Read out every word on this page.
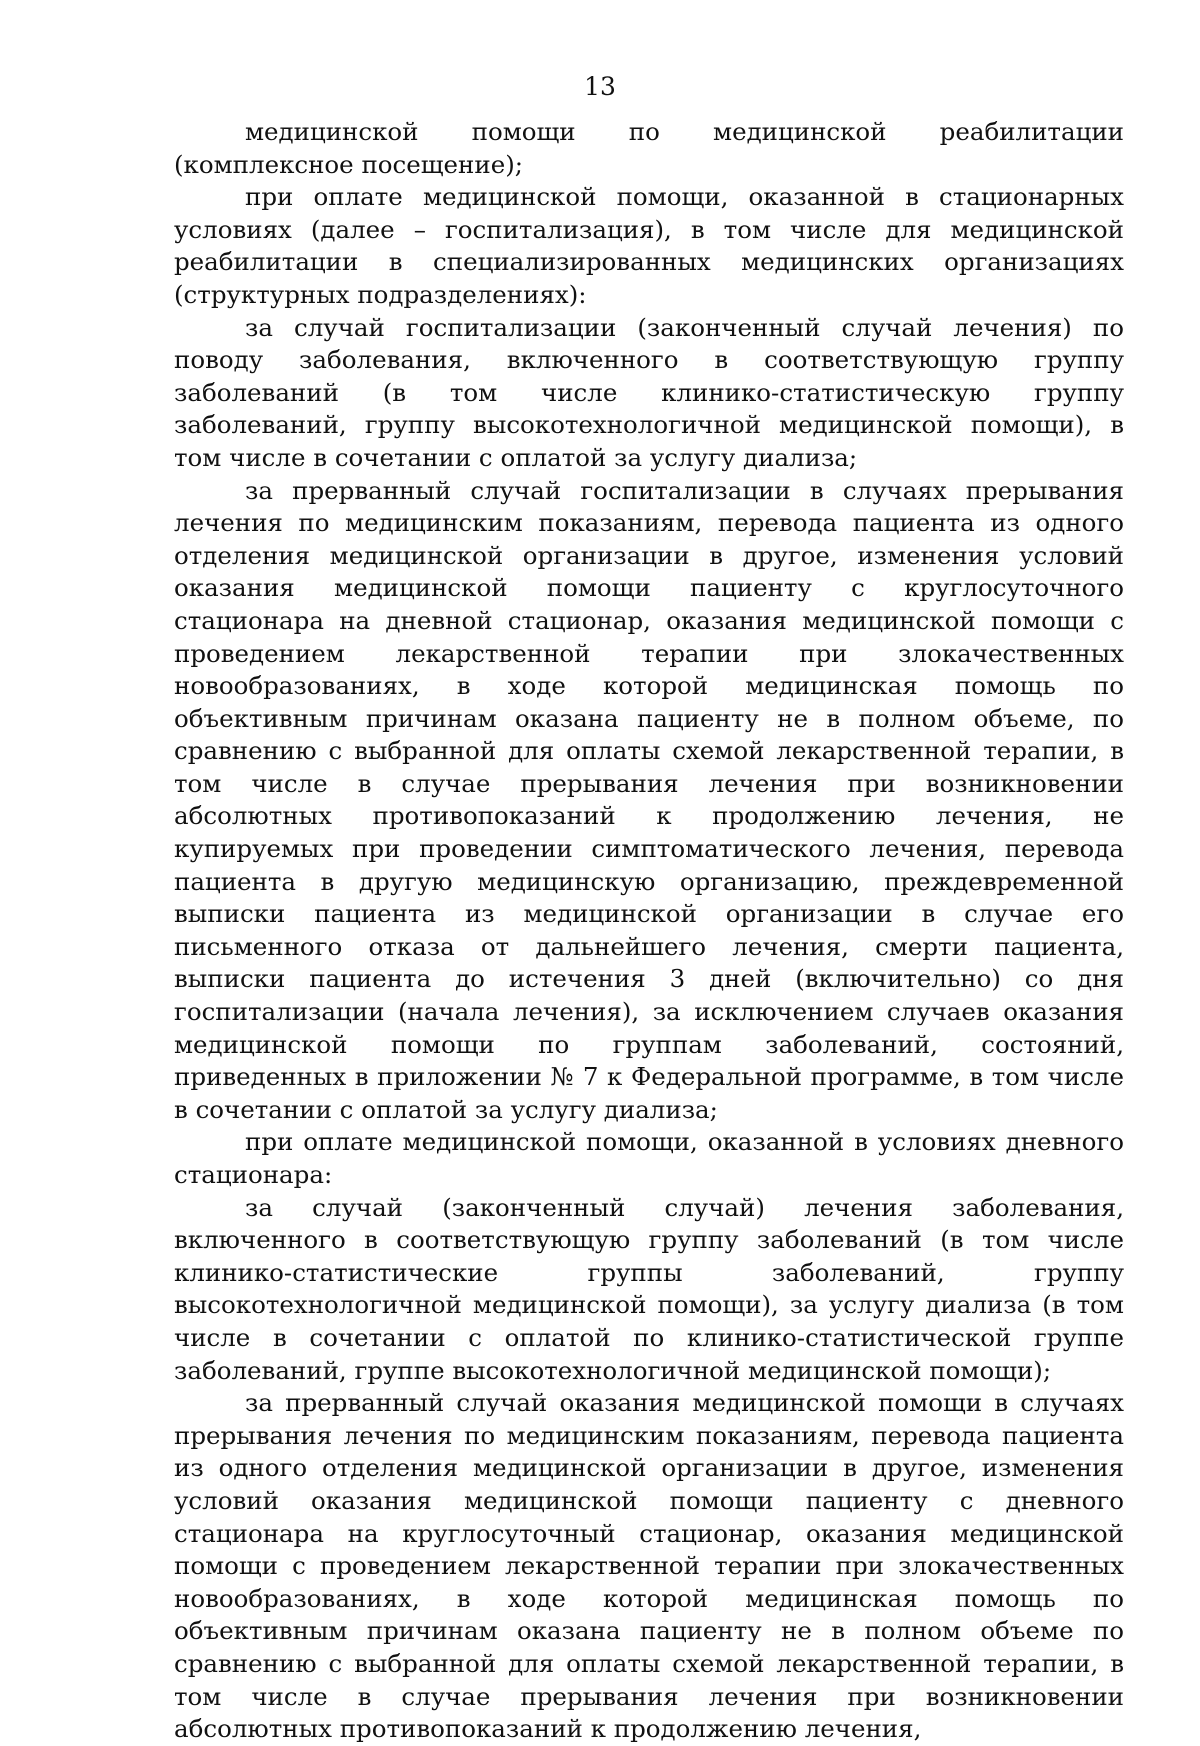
13

медицинской помощи по медицинской реабилитации (комплексное посещение);

при оплате медицинской помощи, оказанной в стационарных условиях (далее – госпитализация), в том числе для медицинской реабилитации в специализированных медицинских организациях (структурных подразделениях):

за случай госпитализации (законченный случай лечения) по поводу заболевания, включенного в соответствующую группу заболеваний (в том числе клинико-статистическую группу заболеваний, группу высокотехнологичной медицинской помощи), в том числе в сочетании с оплатой за услугу диализа;

за прерванный случай госпитализации в случаях прерывания лечения по медицинским показаниям, перевода пациента из одного отделения медицинской организации в другое, изменения условий оказания медицинской помощи пациенту с круглосуточного стационара на дневной стационар, оказания медицинской помощи с проведением лекарственной терапии при злокачественных новообразованиях, в ходе которой медицинская помощь по объективным причинам оказана пациенту не в полном объеме, по сравнению с выбранной для оплаты схемой лекарственной терапии, в том числе в случае прерывания лечения при возникновении абсолютных противопоказаний к продолжению лечения, не купируемых при проведении симптоматического лечения, перевода пациента в другую медицинскую организацию, преждевременной выписки пациента из медицинской организации в случае его письменного отказа от дальнейшего лечения, смерти пациента, выписки пациента до истечения 3 дней (включительно) со дня госпитализации (начала лечения), за исключением случаев оказания медицинской помощи по группам заболеваний, состояний, приведенных в приложении № 7 к Федеральной программе, в том числе в сочетании с оплатой за услугу диализа;

при оплате медицинской помощи, оказанной в условиях дневного стационара:

за случай (законченный случай) лечения заболевания, включенного в соответствующую группу заболеваний (в том числе клинико-статистические группы заболеваний, группу высокотехнологичной медицинской помощи), за услугу диализа (в том числе в сочетании с оплатой по клинико-статистической группе заболеваний, группе высокотехнологичной медицинской помощи);

за прерванный случай оказания медицинской помощи в случаях прерывания лечения по медицинским показаниям, перевода пациента из одного отделения медицинской организации в другое, изменения условий оказания медицинской помощи пациенту с дневного стационара на круглосуточный стационар, оказания медицинской помощи с проведением лекарственной терапии при злокачественных новообразованиях, в ходе которой медицинская помощь по объективным причинам оказана пациенту не в полном объеме по сравнению с выбранной для оплаты схемой лекарственной терапии, в том числе в случае прерывания лечения при возникновении абсолютных противопоказаний к продолжению лечения,
